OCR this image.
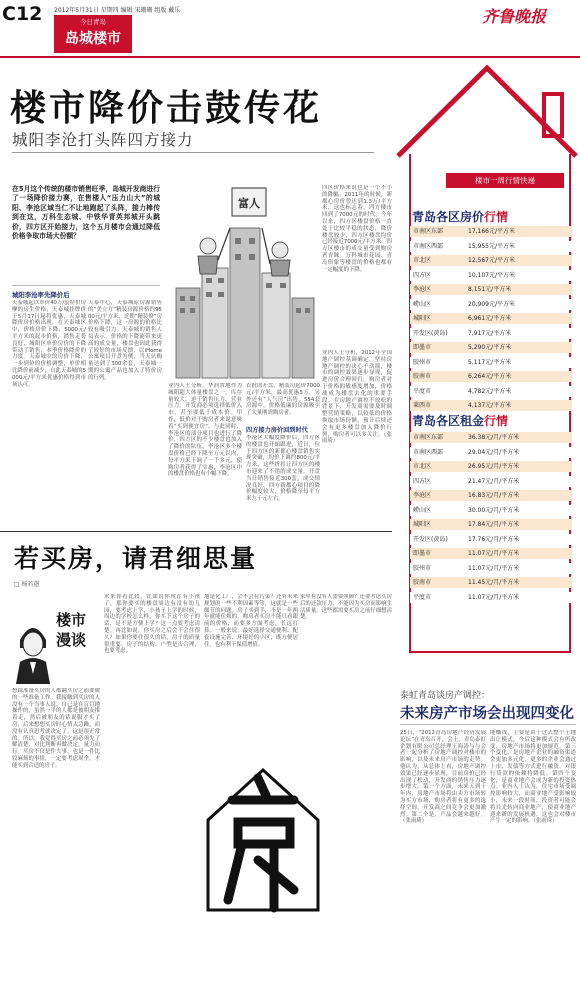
C12 2012年5月31日 星期四 编辑 宋珊珊 组版 戴乐
今日青岛
岛城楼市
齐鲁晚报
楼市降价击鼓传花
城阳李沧打头阵四方接力
在5月这个传统的楼市销售旺季，岛城开发商进行了一场降价接力赛，在售楼人“压力山大”的城阳、李沧区域当仁不让地跑起了头阵，接力棒传到在这，万科生态城、中铁华青英邦城开头跳价，四方区开始接力，这个五月楼市会通过降低价格争取市场大份额？
城阳李沧率先降价后
天泰城起以单价40万/套特价房摩的房生价格，天泰城挂牌价于5月17日起将优惠，天泰城降价房价格出现，在天泰城区中，价格房价下降，5000元/平方米的起步价格，销售走势良好，城阳区单价房价的下降带动了销售，本季价格降价的力度。天泰城中的房价下降，一步到位的价格调整，单价相比降价前减少，自此天泰城的5000元/平方米优惠价格得到市场认可。
天泰中心，天泰城原房源销售的“美立方”精装房源价格约9500元/平方米，近期“精装修”房价格下降，这一房源的价格比较有吸引力。天泰城的销售人员表示，价格的下降能带来更高的成交量，楼盘也因此获得了较好的市场反馈，以iHome公寓项目开盘为例，当天认购量达到了300余套，天泰城一期的公寓产品也加入了特价房的行列。
富人
业内人士分析，华润置地作为城阳超大体量楼盘之一，库存量较大，迫于销售压力，营业压力，开发商必须选择低价入市，甚至要低于成本价。甲骨，低价对于购房者来说意味着“买到便宜房”。与此同时，李沧区的部分项目也进行了降价，四方区的不少楼盘也加入了降价的队伍，李沧区多个楼盘价格已经下降至万元以内，每平方米下调了一千多元，使购房者获得了实惠，李沧区中的楼盘价格也有小幅下降。
首批团开盘，精装房起价7000元/平方米，最高优惠5万，另外还有“人气房”出售，554套房源中，价格低廉的房源吸引了大量刚需购房者。
四方接力房价回到时代
李沧区大幅度降价后，四方区的楼盘也开始跟进，近日，位于四方区的新都心楼盘销售实现突破，均价下调约800元/平方米，这些折扣让四方区的楼市迎来了不错的成交量，开盘当日销售接近300套，成交情况良好，四方新都心项目的降价幅度较大，价格降至每平方米九千元左右。
四区价格来说也是一个不小的降幅。2011年的时候，新都心房价曾达到1.3万/平方米，这也标志着，四方楼市回到了7000元的时代。今年以来，四方区楼盘价格一直处于比较平稳的状态，降价楼盘较少，四方区楼盘均价已经接近7000元/平方米，四方区楼市的成交量受到购房者青睐。万科城市花园、青岛印象等楼盘的价格也都有一定幅度的下降。
业内人士分析，2012年全国地产调控基调确定，坚持房地产调控的决心不动摇，楼市的调控效果逐步显现，促进房价合理回归，购房者对于价格的敏感度增加，价格战成为楼盘去化的重要手段。在房地产调控不放松的背景下，开发商需要及时调整营销策略，以较低的价格换取市场份额，预计后续还会有更多楼盘加入降价行列，购房者可以多关注。（张雨琦）
楼市一周行情快递
青岛各区房价行情
市南区东部	17,166元/平方米
市南区西部	15,955元/平方米
市北区	12,567元/平方米
四方区	10,107元/平方米
李沧区	8,151元/平方米
崂山区	20,909元/平方米
城阳区	6,961元/平方米
开发区(黄岛)	7,917元/平方米
即墨市	5,290元/平方米
胶州市	5,117元/平方米
胶南市	6,264元/平方米
平度市	4,782元/平方米
莱西市	4,137元/平方米
青岛各区租金行情
市南区东部	36.38元/月/平方米
市南区西部	29.04元/月/平方米
市北区	26.95元/月/平方米
四方区	21.47元/月/平方米
李沧区	16.83元/月/平方米
崂山区	30.00元/月/平方米
城阳区	17.84元/月/平方米
开发区(黄岛)	17.76元/月/平方米
即墨市	11.07元/月/平方米
胶州市	11.07元/月/平方米
胶南市	11.45元/月/平方米
平度市	11.07元/月/平方米
若买房，请君细思量
□ 杨若愚
楼市漫谈
想踩准备买房的人都翻买房之前要做的一些准备工作。我接触到买房的人没有一个当事人说，自己是在盲目地操作的，虽然一半的人都是被朋友推着走，然后被朋友的话说服才买了房，后来想想买房时心情太急躁，而没有认真思考就决定了，这是很正常的。所以，我觉得买房之前必须先了解清楚，对比判断再做决定，量力而行。买房不仅是件大事，也是一件比较麻烦的事情，一定要考虑周全，才能买到合适的房子。
求来你看比较，比如说你现在有小孩了，那你要买的楼盘周边有没有幼儿园，要考虑上学，小孩子上学的时候，周边的学校怎么样，你买下这个房子的话，是不是方便上学？这一点要考虑清楚。再比如说，你买房之后会不会住很久？如果你要住很久的话，房子的质量很重要，房子的结构、户型是否合理，也要考虑。
地是化工厂，会不会有污染？还有未来规划的一些不利因素等等，这就是一些细节的问题。房子买到手，不是一年两年就能住烦的，购房者买房不能只看眼前的价格，而要多方面考虑，长远打算。一般来说，最好选择交通便利、配套设施完善、环境好的小区，既方便居住，也有利于保值增值。
家里有没有人需要照顾？还要考虑买房后的还款压力，不能因为买房而影响生活质量。这些都需要买房之前仔细想清楚。
泰虹青岛谈房产调控：
未来房产市场会出现四变化
25日，“2012青岛房地产经济发展论坛”在青岛召开，会上，青岛泰虹企划有限公司总经理王海涛与与会者一起分析了房地产调控对楼市的影响，以及未来房产市场的走势。他认为，从总体上看，房地产调控效果已经逐步显现，目前房价已经出现了松动，开发商的销售压力逐步增大。第一个方面，未来五到十年内，房地产市场将由卖方市场转为买方市场，购房者将有更多的选择空间，开发商之间竞争会更加激烈。第二个是，产品会越来越好。（张雨琦）
能赚钱，主要是由于过去整个土地出让模式，今后这种模式会有所改变，房地产市场将更加规范。第三个变化，是房地产企业的融资渠道会更加多元化，更多的企业会通过上市、发债等方式进行融资，对银行贷款的依赖将降低。第四个变化，是商业地产会成为新的投资热点。业内人士认为，住宅市场受调控影响较大，而商业地产受影响较小，未来一段时间，投资者可能会将目光转向商业地产，使商业地产迎来新的发展机遇，这也会对楼市产生一定的影响。（张雨琦）
